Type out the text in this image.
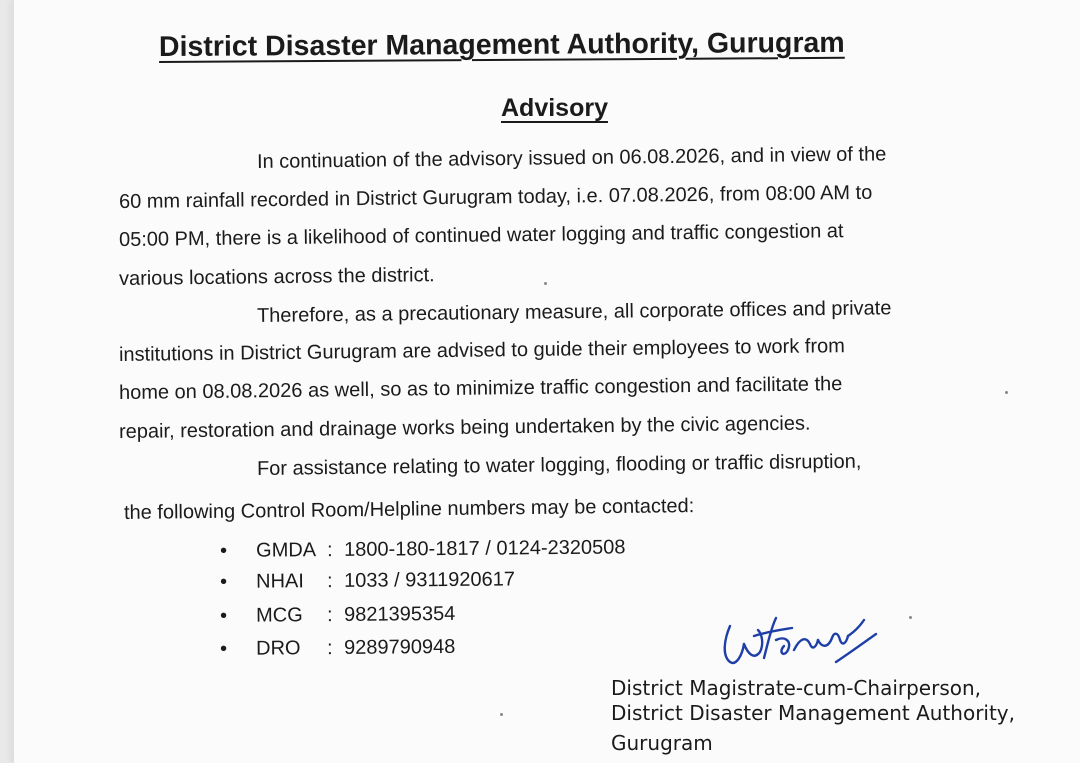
District Disaster Management Authority, Gurugram
Advisory
In continuation of the advisory issued on 06.08.2026, and in view of the
60 mm rainfall recorded in District Gurugram today, i.e. 07.08.2026, from 08:00 AM to
05:00 PM, there is a likelihood of continued water logging and traffic congestion at
various locations across the district.
Therefore, as a precautionary measure, all corporate offices and private
institutions in District Gurugram are advised to guide their employees to work from
home on 08.08.2026 as well, so as to minimize traffic congestion and facilitate the
repair, restoration and drainage works being undertaken by the civic agencies.
For assistance relating to water logging, flooding or traffic disruption,
the following Control Room/Helpline numbers may be contacted:
•	GMDA : 1800-180-1817 / 0124-2320508
•	NHAI : 1033 / 9311920617
•	MCG : 9821395354
•	DRO : 9289790948
District Magistrate-cum-Chairperson,
District Disaster Management Authority,
Gurugram
